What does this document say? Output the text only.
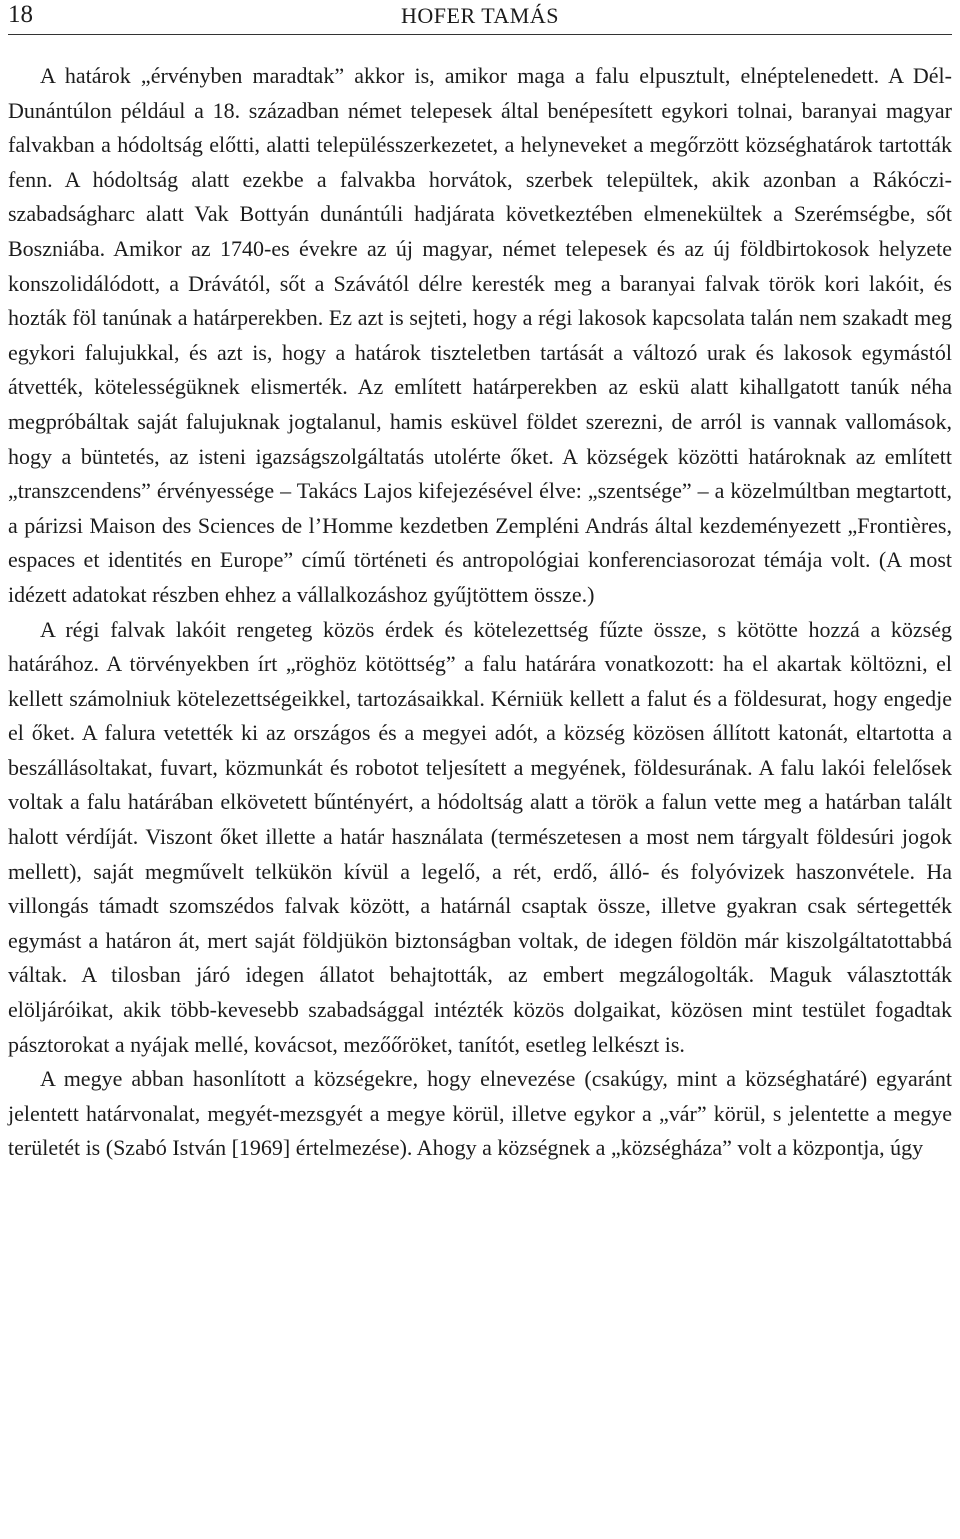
18	HOFER TAMÁS

A határok „érvényben maradtak” akkor is, amikor maga a falu elpusztult, elnéptelenedett. A Dél-Dunántúlon például a 18. században német telepesek által benépesített egykori tolnai, baranyai magyar falvakban a hódoltság előtti, alatti településszerkezetet, a helyneveket a megőrzött községhatárok tartották fenn. A hódoltság alatt ezekbe a falvakba horvátok, szerbek települtek, akik azonban a Rákóczi-szabadságharc alatt Vak Bottyán dunántúli hadjárata következtében elmenekültek a Szerémségbe, sőt Boszniába. Amikor az 1740-es évekre az új magyar, német telepesek és az új földbirtokosok helyzete konszolidálódott, a Drávától, sőt a Szávától délre keresték meg a baranyai falvak török kori lakóit, és hozták föl tanúnak a határperekben. Ez azt is sejteti, hogy a régi lakosok kapcsolata talán nem szakadt meg egykori falujukkal, és azt is, hogy a határok tiszteletben tartását a változó urak és lakosok egymástól átvették, kötelességüknek elismerték. Az említett határperekben az eskü alatt kihallgatott tanúk néha megpróbáltak saját falujuknak jogtalanul, hamis esküvel földet szerezni, de arról is vannak vallomások, hogy a büntetés, az isteni igazságszolgáltatás utolérte őket. A községek közötti határoknak az említett „transzcendens” érvényessége – Takács Lajos kifejezésével élve: „szentsége” – a közelmúltban megtartott, a párizsi Maison des Sciences de l’Homme kezdetben Zempléni András által kezdeményezett „Frontières, espaces et identités en Europe” című történeti és antropológiai konferenciasorozat témája volt. (A most idézett adatokat részben ehhez a vállalkozáshoz gyűjtöttem össze.)

A régi falvak lakóit rengeteg közös érdek és kötelezettség fűzte össze, s kötötte hozzá a község határához. A törvényekben írt „röghöz kötöttség” a falu határára vonatkozott: ha el akartak költözni, el kellett számolniuk kötelezettségeikkel, tartozásaikkal. Kérniük kellett a falut és a földesurat, hogy engedje el őket. A falura vetették ki az országos és a megyei adót, a község közösen állított katonát, eltartotta a beszállásoltakat, fuvart, közmunkát és robotot teljesített a megyének, földesurának. A falu lakói felelősek voltak a falu határában elkövetett bűntényért, a hódoltság alatt a török a falun vette meg a határban talált halott vérdíját. Viszont őket illette a határ használata (természetesen a most nem tárgyalt földesúri jogok mellett), saját megművelt telkükön kívül a legelő, a rét, erdő, álló- és folyóvizek haszonvétele. Ha villongás támadt szomszédos falvak között, a határnál csaptak össze, illetve gyakran csak sértegették egymást a határon át, mert saját földjükön biztonságban voltak, de idegen földön már kiszolgáltatottabbá váltak. A tilosban járó idegen állatot behajtották, az embert megzálogolták. Maguk választották elöljáróikat, akik több-kevesebb szabadsággal intézték közös dolgaikat, közösen mint testület fogadtak pásztorokat a nyájak mellé, kovácsot, mezőőröket, tanítót, esetleg lelkészt is.

A megye abban hasonlított a községekre, hogy elnevezése (csakúgy, mint a községhatáré) egyaránt jelentett határvonalat, megyét-mezsgyét a megye körül, illetve egykor a „vár” körül, s jelentette a megye területét is (Szabó István [1969] értelmezése). Ahogy a községnek a „községháza” volt a központja, úgy
